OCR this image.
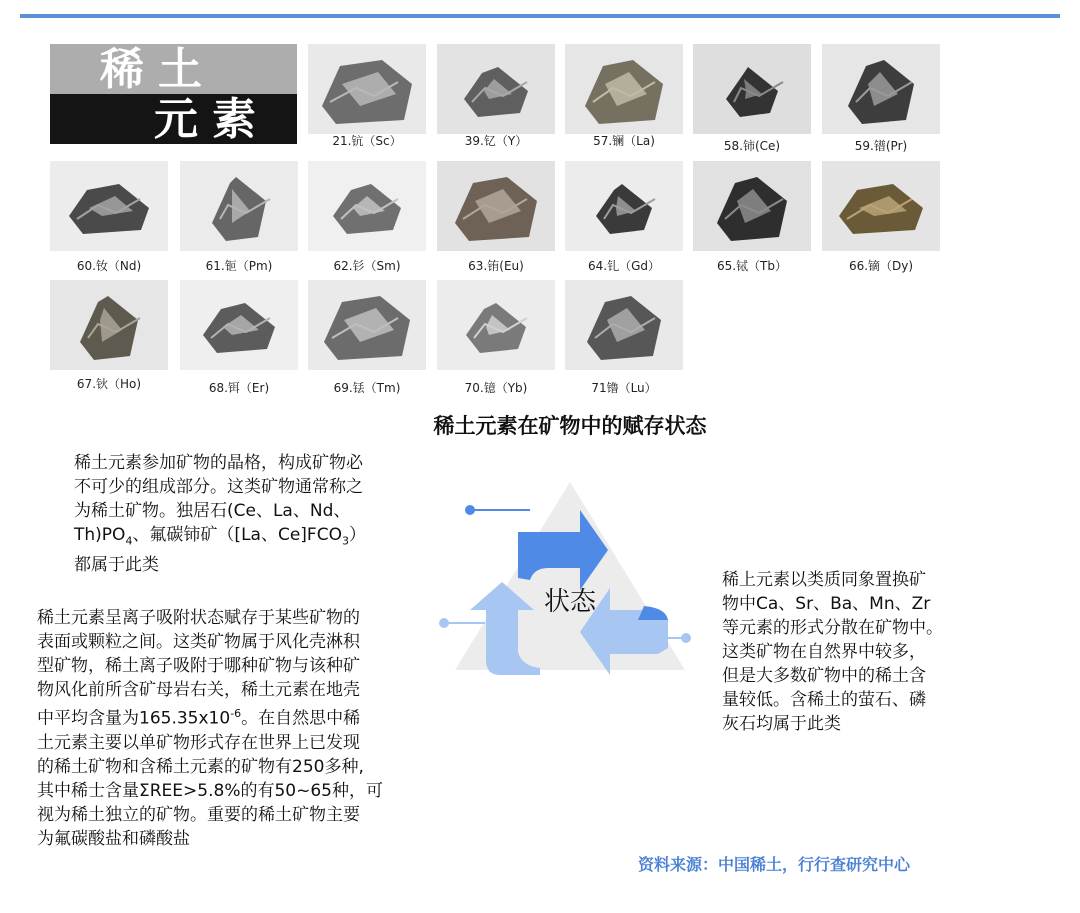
稀土
元素	21.钪（Sc）	39.钇（Y）	57.镧（La)	58.铈(Ce)	59.镨(Pr)
60.钕（Nd)	61.钷（Pm)	62.钐（Sm)	63.铕(Eu)	64.钆（Gd）	65.铽（Tb）	66.镝（Dy)
67.钬（Ho)	68.铒（Er)	69.铥（Tm)	70.镱（Yb)	71镥（Lu）
稀土元素在矿物中的赋存状态
稀土元素参加矿物的晶格，构成矿物必
不可少的组成部分。这类矿物通常称之
为稀土矿物。独居石(Ce、La、Nd、
$Th)PO_4$、氟碳铈矿（[La、$Ce]FCO_3$）
都属于此类
稀土元素呈离子吸附状态赋存于某些矿物的
表面或颗粒之间。这类矿物属于风化壳淋积
型矿物，稀土离子吸附于哪种矿物与该种矿
物风化前所含矿母岩右关，稀土元素在地壳
中平均含量为$165.35x10^{-6}$。在自然思中稀
土元素主要以单矿物形式存在世界上已发现
的稀土矿物和含稀土元素的矿物有250多种,
其中稀士含量ΣREE>5.8%的有50~65种，可
视为稀土独立的矿物。重要的稀土矿物主要
为氟碳酸盐和磷酸盐
稀上元素以类质同象置换矿
物中Ca、Sr、Ba、Mn、Zr
等元素的形式分散在矿物中。
这类矿物在自然界中较多，
但是大多数矿物中的稀土含
量较低。含稀土的萤石、磷
灰石均属于此类
状态
资料来源：中国稀土，行行查研究中心
